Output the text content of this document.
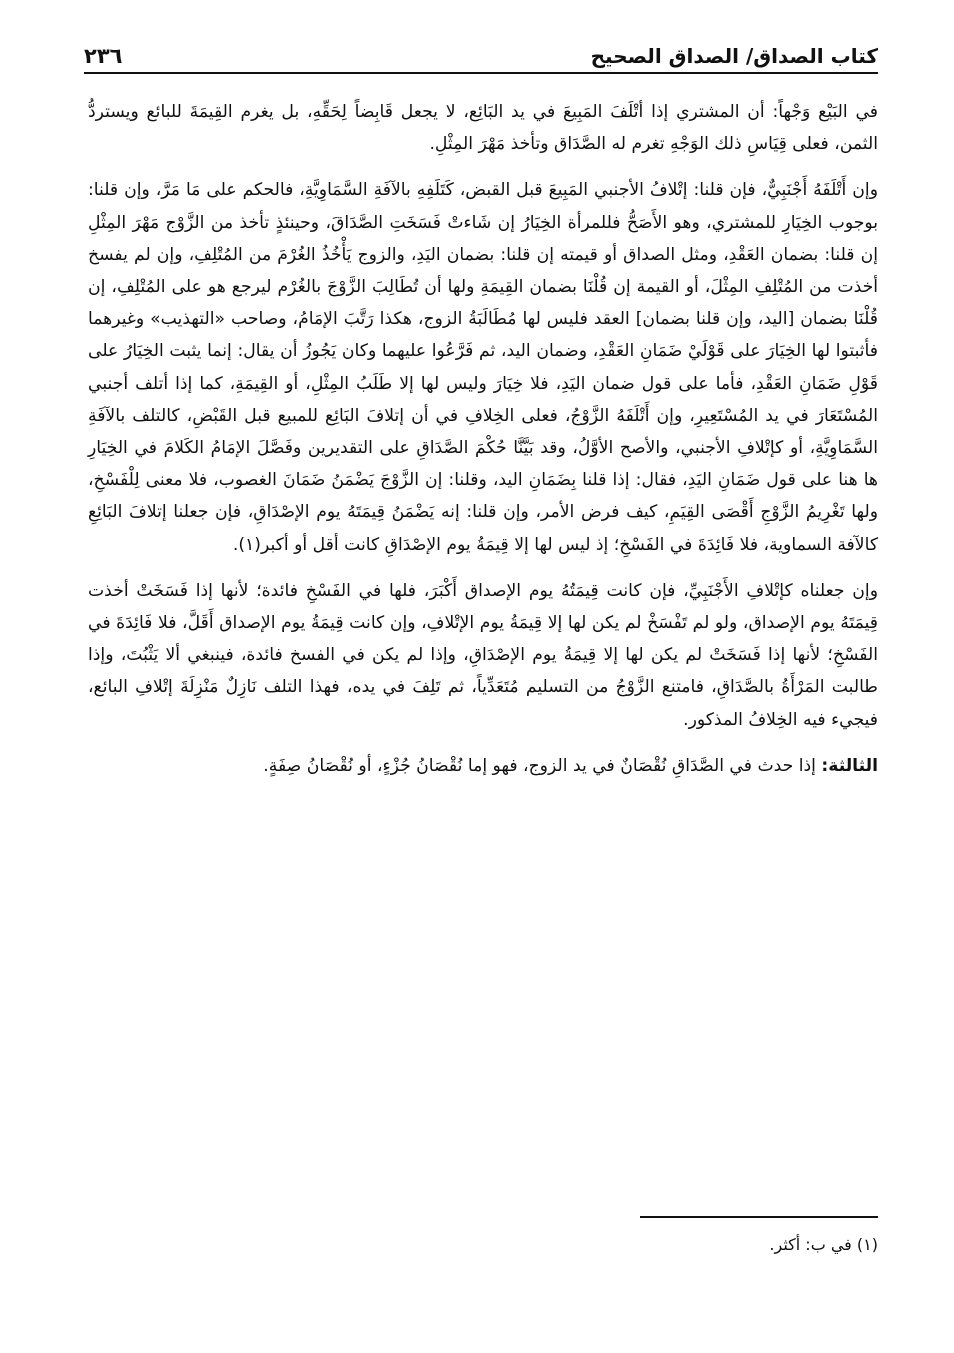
كتاب الصداق/ الصداق الصحيح
٢٣٦

في البَيْع وَجْهاً: أن المشتري إذا أتْلَفَ المَبِيعَ في يد البَائِع، لا يجعل قَابِضاً لِحَقِّهِ، بل يغرم القِيمَةَ للبائع ويستردُّ الثمن، فعلى قِيَاسِ ذلك الوَجْهِ تغرم له الصَّدَاق وتأخذ مَهْرَ المِثْلِ.

وإن أَتْلَفَهُ أَجْنَبِيٌّ، فإن قلنا: إتْلافُ الأجنبي المَبِيعَ قبل القبض، كَتَلَفِهِ بالآفَةِ السَّمَاوِيَّةِ، فالحكم على مَا مَرَّ، وإن قلنا: بوجوب الخِيَارِ للمشتري، وهو الأَصَحُّ فللمرأة الخِيَارُ إن شَاءتْ فَسَخَتِ الصَّدَاقَ، وحينئذٍ تأخذ من الزَّوْج مَهْرَ المِثْلِ إن قلنا: بضمان العَقْدِ، ومثل الصداق أو قيمته إن قلنا: بضمان اليَدِ، والزوج يَأْخُذُ الغُرْمَ من المُتْلِفِ، وإن لم يفسخ أخذت من المُتْلِفِ المِثْلَ، أو القيمة إن قُلْنَا بضمان القِيمَةِ ولها أن تُطَالِبَ الزَّوْجَ بالغُرْم ليرجع هو على المُتْلِفِ، إن قُلْنَا بضمان [اليد، وإن قلنا بضمان] العقد فليس لها مُطَالَبَةُ الزوج، هكذا رَتَّبَ الإمَامُ، وصاحب «التهذيب» وغيرهما فأثبتوا لها الخِيَارَ على قَوْلَيْ ضَمَانِ العَقْدِ، وضمان اليد، ثم فَرَّعُوا عليهما وكان يَجُوزُ أن يقال: إنما يثبت الخِيَارُ على قَوْلِ ضَمَانِ العَقْدِ، فأما على قول ضمان اليَدِ، فلا خِيَارَ وليس لها إلا طَلَبُ المِثْلِ، أو القِيمَةِ، كما إذا أتلف أجنبي المُسْتَعَارَ في يد المُسْتَعِيرِ، وإن أَتْلَفَهُ الزَّوْجُ، فعلى الخِلافِ في أن إتلافَ البَائِع للمبيع قبل القَبْضِ، كالتلف بالآفَةِ السَّمَاوِيَّةِ، أو كإتْلافِ الأجنبي، والأصح الأوَّلُ، وقد بَيَّنَّا حُكْمَ الصَّدَاقِ على التقديرين وفَصَّلَ الإمَامُ الكَلامَ في الخِيَارِ ها هنا على قول ضَمَانِ اليَدِ، فقال: إذا قلنا بِضَمَانِ اليد، وقلنا: إن الزَّوْجَ يَضْمَنُ ضَمَانَ الغصوب، فلا معنى لِلْفَسْخِ، ولها تَغْرِيمُ الزَّوْجِ أَقْصَى القِيَمِ، كيف فرض الأمر، وإن قلنا: إنه يَضْمَنُ قِيمَتَهُ يوم الإصْدَاقِ، فإن جعلنا إتلافَ البَائِعِ كالآفة السماوية، فلا فَائِدَةَ في الفَسْخِ؛ إذ ليس لها إلا قِيمَةُ يوم الإصْدَاقِ كانت أقل أو أكبر(١).

وإن جعلناه كإتْلافِ الأَجْنَبِيِّ، فإن كانت قِيمَتُهُ يوم الإصداق أَكْبَرَ، فلها في الفَسْخِ فائدة؛ لأنها إذا فَسَخَتْ أخذت قِيمَتَهُ يوم الإصداق، ولو لم تَفْسَخْ لم يكن لها إلا قِيمَةُ يوم الإتْلافِ، وإن كانت قِيمَةُ يوم الإصداق أَقَلَّ، فلا فَائِدَةَ في الفَسْخِ؛ لأنها إذا فَسَخَتْ لم يكن لها إلا قِيمَةُ يوم الإصْدَاقِ، وإذا لم يكن في الفسخ فائدة، فينبغي ألا يَثْبُتَ، وإذا طالبت المَرْأَةُ بالصَّدَاقِ، فامتنع الزَّوْجُ من التسليم مُتَعَدِّياً، ثم تَلِفَ في يده، فهذا التلف نَازِلٌ مَنْزِلَةَ إتْلافِ البائع، فيجيء فيه الخِلافُ المذكور.

الثالثة: إذا حدث في الصَّدَاقِ نُقْصَانٌ في يد الزوج، فهو إما نُقْصَانُ جُزْءٍ، أو نُقْصَانُ صِفَةٍ.

(١) في ب: أكثر.
